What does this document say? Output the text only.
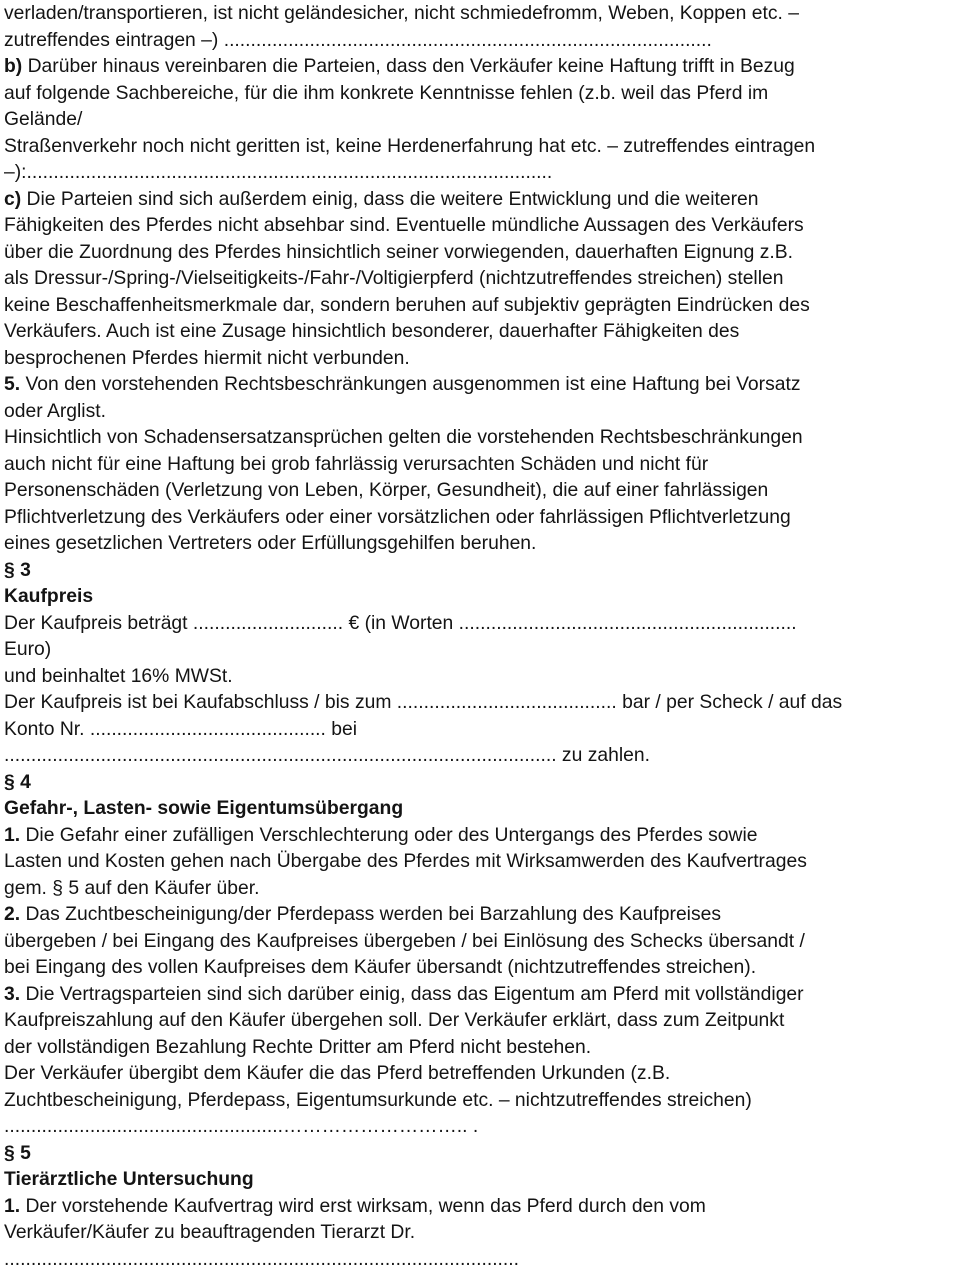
verladen/transportieren, ist nicht geländesicher, nicht schmiedefromm, Weben, Koppen etc. –
zutreffendes eintragen –) ...........................................................................................
b) Darüber hinaus vereinbaren die Parteien, dass den Verkäufer keine Haftung trifft in Bezug
auf folgende Sachbereiche, für die ihm konkrete Kenntnisse fehlen (z.b. weil das Pferd im
Gelände/
Straßenverkehr noch nicht geritten ist, keine Herdenerfahrung hat etc. – zutreffendes eintragen
–):..................................................................................................
c) Die Parteien sind sich außerdem einig, dass die weitere Entwicklung und die weiteren
Fähigkeiten des Pferdes nicht absehbar sind. Eventuelle mündliche Aussagen des Verkäufers
über die Zuordnung des Pferdes hinsichtlich seiner vorwiegenden, dauerhaften Eignung z.B.
als Dressur-/Spring-/Vielseitigkeits-/Fahr-/Voltigierpferd (nichtzutreffendes streichen) stellen
keine Beschaffenheitsmerkmale dar, sondern beruhen auf subjektiv geprägten Eindrücken des
Verkäufers. Auch ist eine Zusage hinsichtlich besonderer, dauerhafter Fähigkeiten des
besprochenen Pferdes hiermit nicht verbunden.
5. Von den vorstehenden Rechtsbeschränkungen ausgenommen ist eine Haftung bei Vorsatz
oder Arglist.
Hinsichtlich von Schadensersatzansprüchen gelten die vorstehenden Rechtsbeschränkungen
auch nicht für eine Haftung bei grob fahrlässig verursachten Schäden und nicht für
Personenschäden (Verletzung von Leben, Körper, Gesundheit), die auf einer fahrlässigen
Pflichtverletzung des Verkäufers oder einer vorsätzlichen oder fahrlässigen Pflichtverletzung
eines gesetzlichen Vertreters oder Erfüllungsgehilfen beruhen.
§ 3
Kaufpreis
Der Kaufpreis beträgt ............................ € (in Worten ...............................................................
Euro)
und beinhaltet 16% MWSt.
Der Kaufpreis ist bei Kaufabschluss / bis zum ......................................... bar / per Scheck / auf das
Konto Nr. ............................................ bei
....................................................................................................... zu zahlen.
§ 4
Gefahr-, Lasten- sowie Eigentumsübergang
1. Die Gefahr einer zufälligen Verschlechterung oder des Untergangs des Pferdes sowie
Lasten und Kosten gehen nach Übergabe des Pferdes mit Wirksamwerden des Kaufvertrages
gem. § 5 auf den Käufer über.
2. Das Zuchtbescheinigung/der Pferdepass werden bei Barzahlung des Kaufpreises
übergeben / bei Eingang des Kaufpreises übergeben / bei Einlösung des Schecks übersandt /
bei Eingang des vollen Kaufpreises dem Käufer übersandt (nichtzutreffendes streichen).
3. Die Vertragsparteien sind sich darüber einig, dass das Eigentum am Pferd mit vollständiger
Kaufpreiszahlung auf den Käufer übergehen soll. Der Verkäufer erklärt, dass zum Zeitpunkt
der vollständigen Bezahlung Rechte Dritter am Pferd nicht bestehen.
Der Verkäufer übergibt dem Käufer die das Pferd betreffenden Urkunden (z.B.
Zuchtbescheinigung, Pferdepass, Eigentumsurkunde etc. – nichtzutreffendes streichen)
....................................................……………………….. .
§ 5
Tierärztliche Untersuchung
1. Der vorstehende Kaufvertrag wird erst wirksam, wenn das Pferd durch den vom
Verkäufer/Käufer zu beauftragenden Tierarzt Dr.
................................................................................................
